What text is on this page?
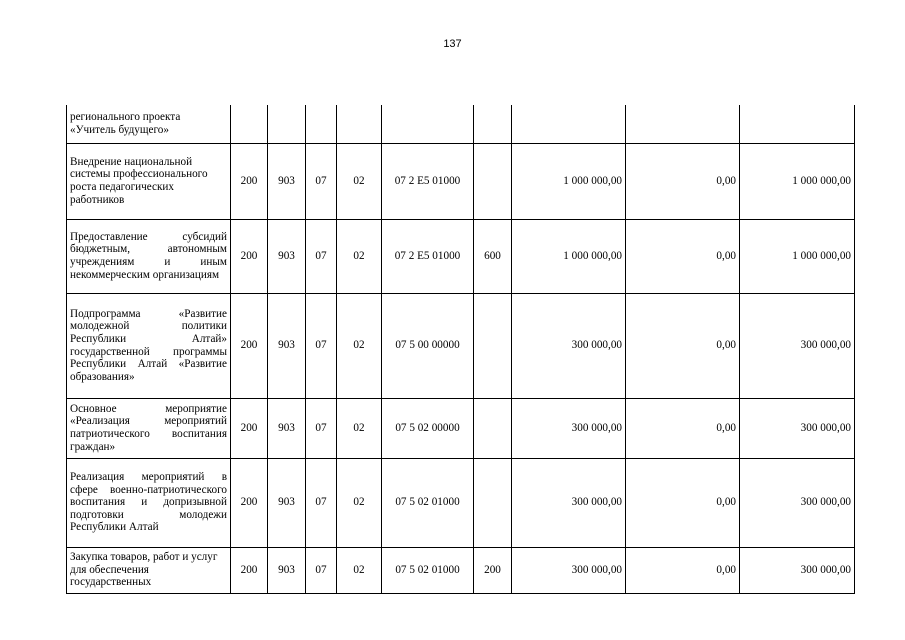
137
регионального проекта «Учитель будущего»									
Внедрение национальной системы профессионального роста педагогических работников	200	903	07	02	07 2 E5 01000		1 000 000,00	0,00	1 000 000,00
Предоставление субсидий бюджетным, автономным учреждениям и иным некоммерческим организациям	200	903	07	02	07 2 E5 01000	600	1 000 000,00	0,00	1 000 000,00
Подпрограмма «Развитие молодежной политики Республики Алтай» государственной программы Республики Алтай «Развитие образования»	200	903	07	02	07 5 00 00000		300 000,00	0,00	300 000,00
Основное мероприятие «Реализация мероприятий патриотического воспитания граждан»	200	903	07	02	07 5 02 00000		300 000,00	0,00	300 000,00
Реализация мероприятий в сфере военно-патриотического воспитания и допризывной подготовки молодежи Республики Алтай	200	903	07	02	07 5 02 01000		300 000,00	0,00	300 000,00
Закупка товаров, работ и услуг для обеспечения государственных	200	903	07	02	07 5 02 01000	200	300 000,00	0,00	300 000,00
